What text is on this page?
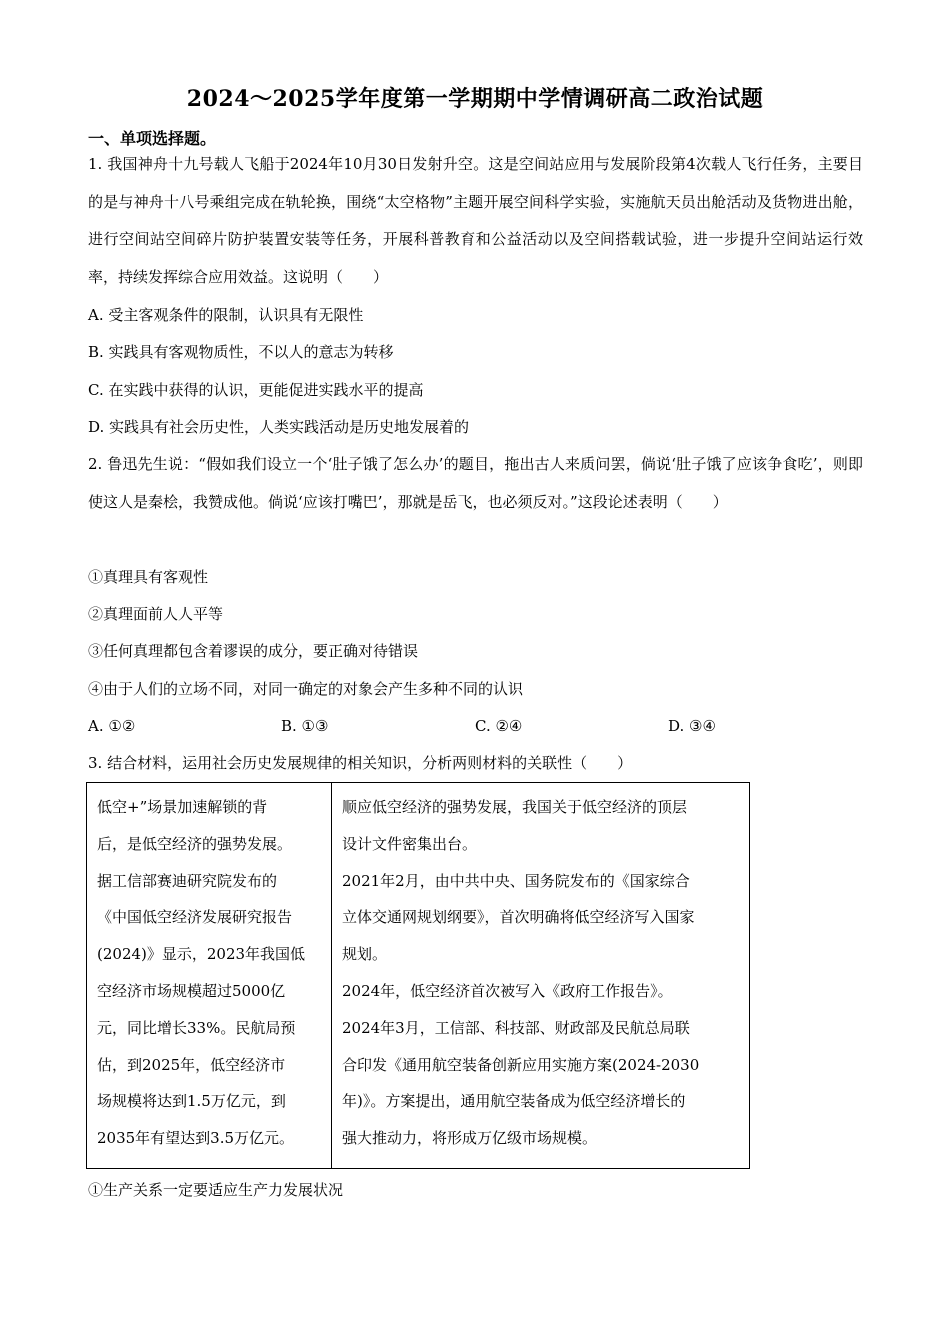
2024～2025学年度第一学期期中学情调研高二政治试题
一、单项选择题。
1. 我国神舟十九号载人飞船于2024年10月30日发射升空。这是空间站应用与发展阶段第4次载人飞行任务，主要目的是与神舟十八号乘组完成在轨轮换，围绕“太空格物”主题开展空间科学实验，实施航天员出舱活动及货物进出舱，进行空间站空间碎片防护装置安装等任务，开展科普教育和公益活动以及空间搭载试验，进一步提升空间站运行效率，持续发挥综合应用效益。这说明（　　）
A. 受主客观条件的限制，认识具有无限性
B. 实践具有客观物质性，不以人的意志为转移
C. 在实践中获得的认识，更能促进实践水平的提高
D. 实践具有社会历史性，人类实践活动是历史地发展着的
2. 鲁迅先生说：“假如我们设立一个‘肚子饿了怎么办’的题目，拖出古人来质问罢，倘说‘肚子饿了应该争食吃’，则即使这人是秦桧，我赞成他。倘说‘应该打嘴巴’，那就是岳飞，也必须反对。”这段论述表明（　　）
①真理具有客观性
②真理面前人人平等
③任何真理都包含着谬误的成分，要正确对待错误
④由于人们的立场不同，对同一确定的对象会产生多种不同的认识
A. ①②	B. ①③	C. ②④	D. ③④
3. 结合材料，运用社会历史发展规律的相关知识，分析两则材料的关联性（　　）
低空+”场景加速解锁的背
后，是低空经济的强势发展。
据工信部赛迪研究院发布的
《中国低空经济发展研究报告
(2024)》显示，2023年我国低
空经济市场规模超过5000亿
元，同比增长33%。民航局预
估，到2025年，低空经济市
场规模将达到1.5万亿元，到
2035年有望达到3.5万亿元。

顺应低空经济的强势发展，我国关于低空经济的顶层
设计文件密集出台。
2021年2月，由中共中央、国务院发布的《国家综合
立体交通网规划纲要》，首次明确将低空经济写入国家
规划。
2024年，低空经济首次被写入《政府工作报告》。
2024年3月，工信部、科技部、财政部及民航总局联
合印发《通用航空装备创新应用实施方案(2024-2030
年)》。方案提出，通用航空装备成为低空经济增长的
强大推动力，将形成万亿级市场规模。
①生产关系一定要适应生产力发展状况
